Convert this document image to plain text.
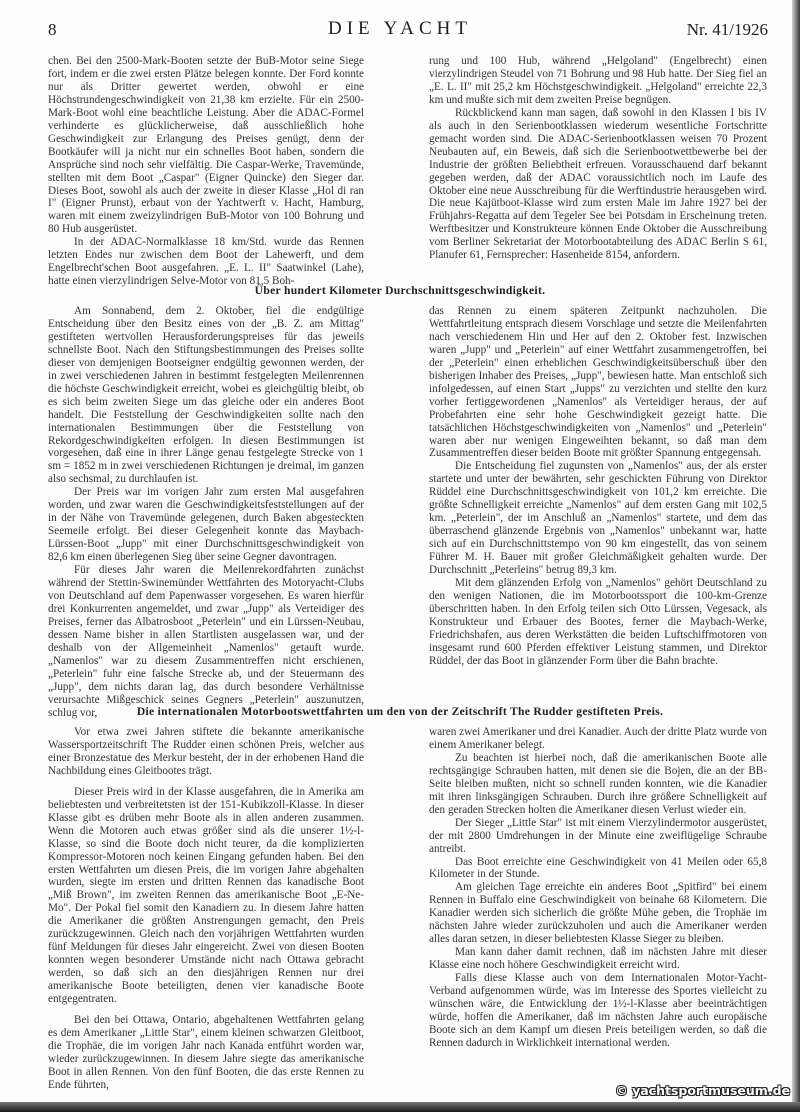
8	DIE YACHT	Nr. 41/1926

chen. Bei den 2500-Mark-Booten setzte der BuB-Motor seine Siege fort, indem er die zwei ersten Plätze belegen konnte. Der Ford konnte nur als Dritter gewertet werden, obwohl er eine Höchstrundengeschwindigkeit von 21,38 km erzielte. Für ein 2500-Mark-Boot wohl eine beachtliche Leistung. Aber die ADAC-Formel verhinderte es glücklicherweise, daß ausschließlich hohe Geschwindigkeit zur Erlangung des Preises genügt, denn der Bootkäufer will ja nicht nur ein schnelles Boot haben, sondern die Ansprüche sind noch sehr vielfältig. Die Caspar-Werke, Travemünde, stellten mit dem Boot „Caspar" (Eigner Quincke) den Sieger dar. Dieses Boot, sowohl als auch der zweite in dieser Klasse „Hol di ran I" (Eigner Prunst), erbaut von der Yachtwerft v. Hacht, Hamburg, waren mit einem zweizylindrigen BuB-Motor von 100 Bohrung und 80 Hub ausgerüstet.

In der ADAC-Normalklasse 18 km/Std. wurde das Rennen letzten Endes nur zwischen dem Boot der Lahewerft, und dem Engelbrecht'schen Boot ausgefahren. „E. L. II" Saatwinkel (Lahe), hatte einen vierzylindrigen Selve-Motor von 81,5 Boh-

rung und 100 Hub, während „Helgoland" (Engelbrecht) einen vierzylindrigen Steudel von 71 Bohrung und 98 Hub hatte. Der Sieg fiel an „E. L. II" mit 25,2 km Höchstgeschwindigkeit. „Helgoland" erreichte 22,3 km und mußte sich mit dem zweiten Preise begnügen.

Rückblickend kann man sagen, daß sowohl in den Klassen I bis IV als auch in den Serienbootklassen wiederum wesentliche Fortschritte gemacht worden sind. Die ADAC-Serienbootklassen weisen 70 Prozent Neubauten auf, ein Beweis, daß sich die Serienbootwettbewerbe bei der Industrie der größten Beliebtheit erfreuen. Vorausschauend darf bekannt gegeben werden, daß der ADAC voraussichtlich noch im Laufe des Oktober eine neue Ausschreibung für die Werftindustrie herausgeben wird. Die neue Kajütboot-Klasse wird zum ersten Male im Jahre 1927 bei der Frühjahrs-Regatta auf dem Tegeler See bei Potsdam in Erscheinung treten. Werftbesitzer und Konstrukteure können Ende Oktober die Ausschreibung vom Berliner Sekretariat der Motorbootabteilung des ADAC Berlin S 61, Planufer 61, Fernsprecher: Hasenheide 8154, anfordern.

Über hundert Kilometer Durchschnittsgeschwindigkeit.

Am Sonnabend, dem 2. Oktober, fiel die endgültige Entscheidung über den Besitz eines von der „B. Z. am Mittag" gestifteten wertvollen Herausforderungspreises für das jeweils schnellste Boot. Nach den Stiftungsbestimmungen des Preises sollte dieser von demjenigen Bootseigner endgültig gewonnen werden, der in zwei verschiedenen Jahren in bestimmt festgelegten Meilenrennen die höchste Geschwindigkeit erreicht, wobei es gleichgültig bleibt, ob es sich beim zweiten Siege um das gleiche oder ein anderes Boot handelt. Die Feststellung der Geschwindigkeiten sollte nach den internationalen Bestimmungen über die Feststellung von Rekordgeschwindigkeiten erfolgen. In diesen Bestimmungen ist vorgesehen, daß eine in ihrer Länge genau festgelegte Strecke von 1 sm = 1852 m in zwei verschiedenen Richtungen je dreimal, im ganzen also sechsmal, zu durchlaufen ist.

Der Preis war im vorigen Jahr zum ersten Mal ausgefahren worden, und zwar waren die Geschwindigkeitsfeststellungen auf der in der Nähe von Travemünde gelegenen, durch Baken abgesteckten Seemeile erfolgt. Bei dieser Gelegenheit konnte das Maybach-Lürssen-Boot „Jupp" mit einer Durchschnittsgeschwindigkeit von 82,6 km einen überlegenen Sieg über seine Gegner davontragen.

Für dieses Jahr waren die Meilenrekordfahrten zunächst während der Stettin-Swinemünder Wettfahrten des Motoryacht-Clubs von Deutschland auf dem Papenwasser vorgesehen. Es waren hierfür drei Konkurrenten angemeldet, und zwar „Jupp" als Verteidiger des Preises, ferner das Albatrosboot „Peterlein" und ein Lürssen-Neubau, dessen Name bisher in allen Startlisten ausgelassen war, und der deshalb von der Allgemeinheit „Namenlos" getauft wurde. „Namenlos" war zu diesem Zusammentreffen nicht erschienen, „Peterlein" fuhr eine falsche Strecke ab, und der Steuermann des „Jupp", dem nichts daran lag, das durch besondere Verhältnisse verursachte Mißgeschick seines Gegners „Peterlein" auszunutzen, schlug vor,

das Rennen zu einem späteren Zeitpunkt nachzuholen. Die Wettfahrtleitung entsprach diesem Vorschlage und setzte die Meilenfahrten nach verschiedenem Hin und Her auf den 2. Oktober fest. Inzwischen waren „Jupp" und „Peterlein" auf einer Wettfahrt zusammengetroffen, bei der „Peterlein" einen erheblichen Geschwindigkeitsüberschuß über den bisherigen Inhaber des Preises, „Jupp", bewiesen hatte. Man entschloß sich infolgedessen, auf einen Start „Jupps" zu verzichten und stellte den kurz vorher fertiggewordenen „Namenlos" als Verteidiger heraus, der auf Probefahrten eine sehr hohe Geschwindigkeit gezeigt hatte. Die tatsächlichen Höchstgeschwindigkeiten von „Namenlos" und „Peterlein" waren aber nur wenigen Eingeweihten bekannt, so daß man dem Zusammentreffen dieser beiden Boote mit größter Spannung entgegensah.

Die Entscheidung fiel zugunsten von „Namenlos" aus, der als erster startete und unter der bewährten, sehr geschickten Führung von Direktor Rüddel eine Durchschnittsgeschwindigkeit von 101,2 km erreichte. Die größte Schnelligkeit erreichte „Namenlos" auf dem ersten Gang mit 102,5 km. „Peterlein", der im Anschluß an „Namenlos" startete, und dem das überraschend glänzende Ergebnis von „Namenlos" unbekannt war, hatte sich auf ein Durchschnittstempo von 90 km eingestellt, das von seinem Führer M. H. Bauer mit großer Gleichmäßigkeit gehalten wurde. Der Durchschnitt „Peterleins" betrug 89,3 km.

Mit dem glänzenden Erfolg von „Namenlos" gehört Deutschland zu den wenigen Nationen, die im Motorbootssport die 100-km-Grenze überschritten haben. In den Erfolg teilen sich Otto Lürssen, Vegesack, als Konstrukteur und Erbauer des Bootes, ferner die Maybach-Werke, Friedrichshafen, aus deren Werkstätten die beiden Luftschiffmotoren von insgesamt rund 600 Pferden effektiver Leistung stammen, und Direktor Rüddel, der das Boot in glänzender Form über die Bahn brachte.

Die internationalen Motorbootswettfahrten um den von der Zeitschrift The Rudder gestifteten Preis.

Vor etwa zwei Jahren stiftete die bekannte amerikanische Wassersportzeitschrift The Rudder einen schönen Preis, welcher aus einer Bronzestatue des Merkur besteht, der in der erhobenen Hand die Nachbildung eines Gleitbootes trägt.

Dieser Preis wird in der Klasse ausgefahren, die in Amerika am beliebtesten und verbreitetsten ist der 151-Kubikzoll-Klasse. In dieser Klasse gibt es drüben mehr Boote als in allen anderen zusammen. Wenn die Motoren auch etwas größer sind als die unserer 1½-l-Klasse, so sind die Boote doch nicht teurer, da die komplizierten Kompressor-Motoren noch keinen Eingang gefunden haben. Bei den ersten Wettfahrten um diesen Preis, die im vorigen Jahre abgehalten wurden, siegte im ersten und dritten Rennen das kanadische Boot „Miß Brown", im zweiten Rennen das amerikanische Boot „E-Ne-Mo". Der Pokal fiel somit den Kanadiern zu. In diesem Jahre hatten die Amerikaner die größten Anstrengungen gemacht, den Preis zurückzugewinnen. Gleich nach den vorjährigen Wettfahrten wurden fünf Meldungen für dieses Jahr eingereicht. Zwei von diesen Booten konnten wegen besonderer Umstände nicht nach Ottawa gebracht werden, so daß sich an den diesjährigen Rennen nur drei amerikanische Boote beteiligten, denen vier kanadische Boote entgegentraten.

Bei den bei Ottawa, Ontario, abgehaltenen Wettfahrten gelang es dem Amerikaner „Little Star", einem kleinen schwarzen Gleitboot, die Trophäe, die im vorigen Jahr nach Kanada entführt worden war, wieder zurückzugewinnen. In diesem Jahre siegte das amerikanische Boot in allen Rennen. Von den fünf Booten, die das erste Rennen zu Ende führten,

waren zwei Amerikaner und drei Kanadier. Auch der dritte Platz wurde von einem Amerikaner belegt.

Zu beachten ist hierbei noch, daß die amerikanischen Boote alle rechtsgängige Schrauben hatten, mit denen sie die Bojen, die an der BB-Seite bleiben mußten, nicht so schnell runden konnten, wie die Kanadier mit ihren linksgängigen Schrauben. Durch ihre größere Schnelligkeit auf den geraden Strecken holten die Amerikaner diesen Verlust wieder ein.

Der Sieger „Little Star" ist mit einem Vierzylindermotor ausgerüstet, der mit 2800 Umdrehungen in der Minute eine zweiflügelige Schraube antreibt.

Das Boot erreichte eine Geschwindigkeit von 41 Meilen oder 65,8 Kilometer in der Stunde.

Am gleichen Tage erreichte ein anderes Boot „Spitfird" bei einem Rennen in Buffalo eine Geschwindigkeit von beinahe 68 Kilometern. Die Kanadier werden sich sicherlich die größte Mühe geben, die Trophäe im nächsten Jahre wieder zurückzuholen und auch die Amerikaner werden alles daran setzen, in dieser beliebtesten Klasse Sieger zu bleiben.

Man kann daher damit rechnen, daß im nächsten Jahre mit dieser Klasse eine noch höhere Geschwindigkeit erreicht wird.

Falls diese Klasse auch von dem Internationalen Motor-Yacht-Verband aufgenommen würde, was im Interesse des Sportes vielleicht zu wünschen wäre, die Entwicklung der 1½-l-Klasse aber beeinträchtigen würde, hoffen die Amerikaner, daß im nächsten Jahre auch europäische Boote sich an dem Kampf um diesen Preis beteiligen werden, so daß die Rennen dadurch in Wirklichkeit international werden.

© yachtsportmuseum.de
